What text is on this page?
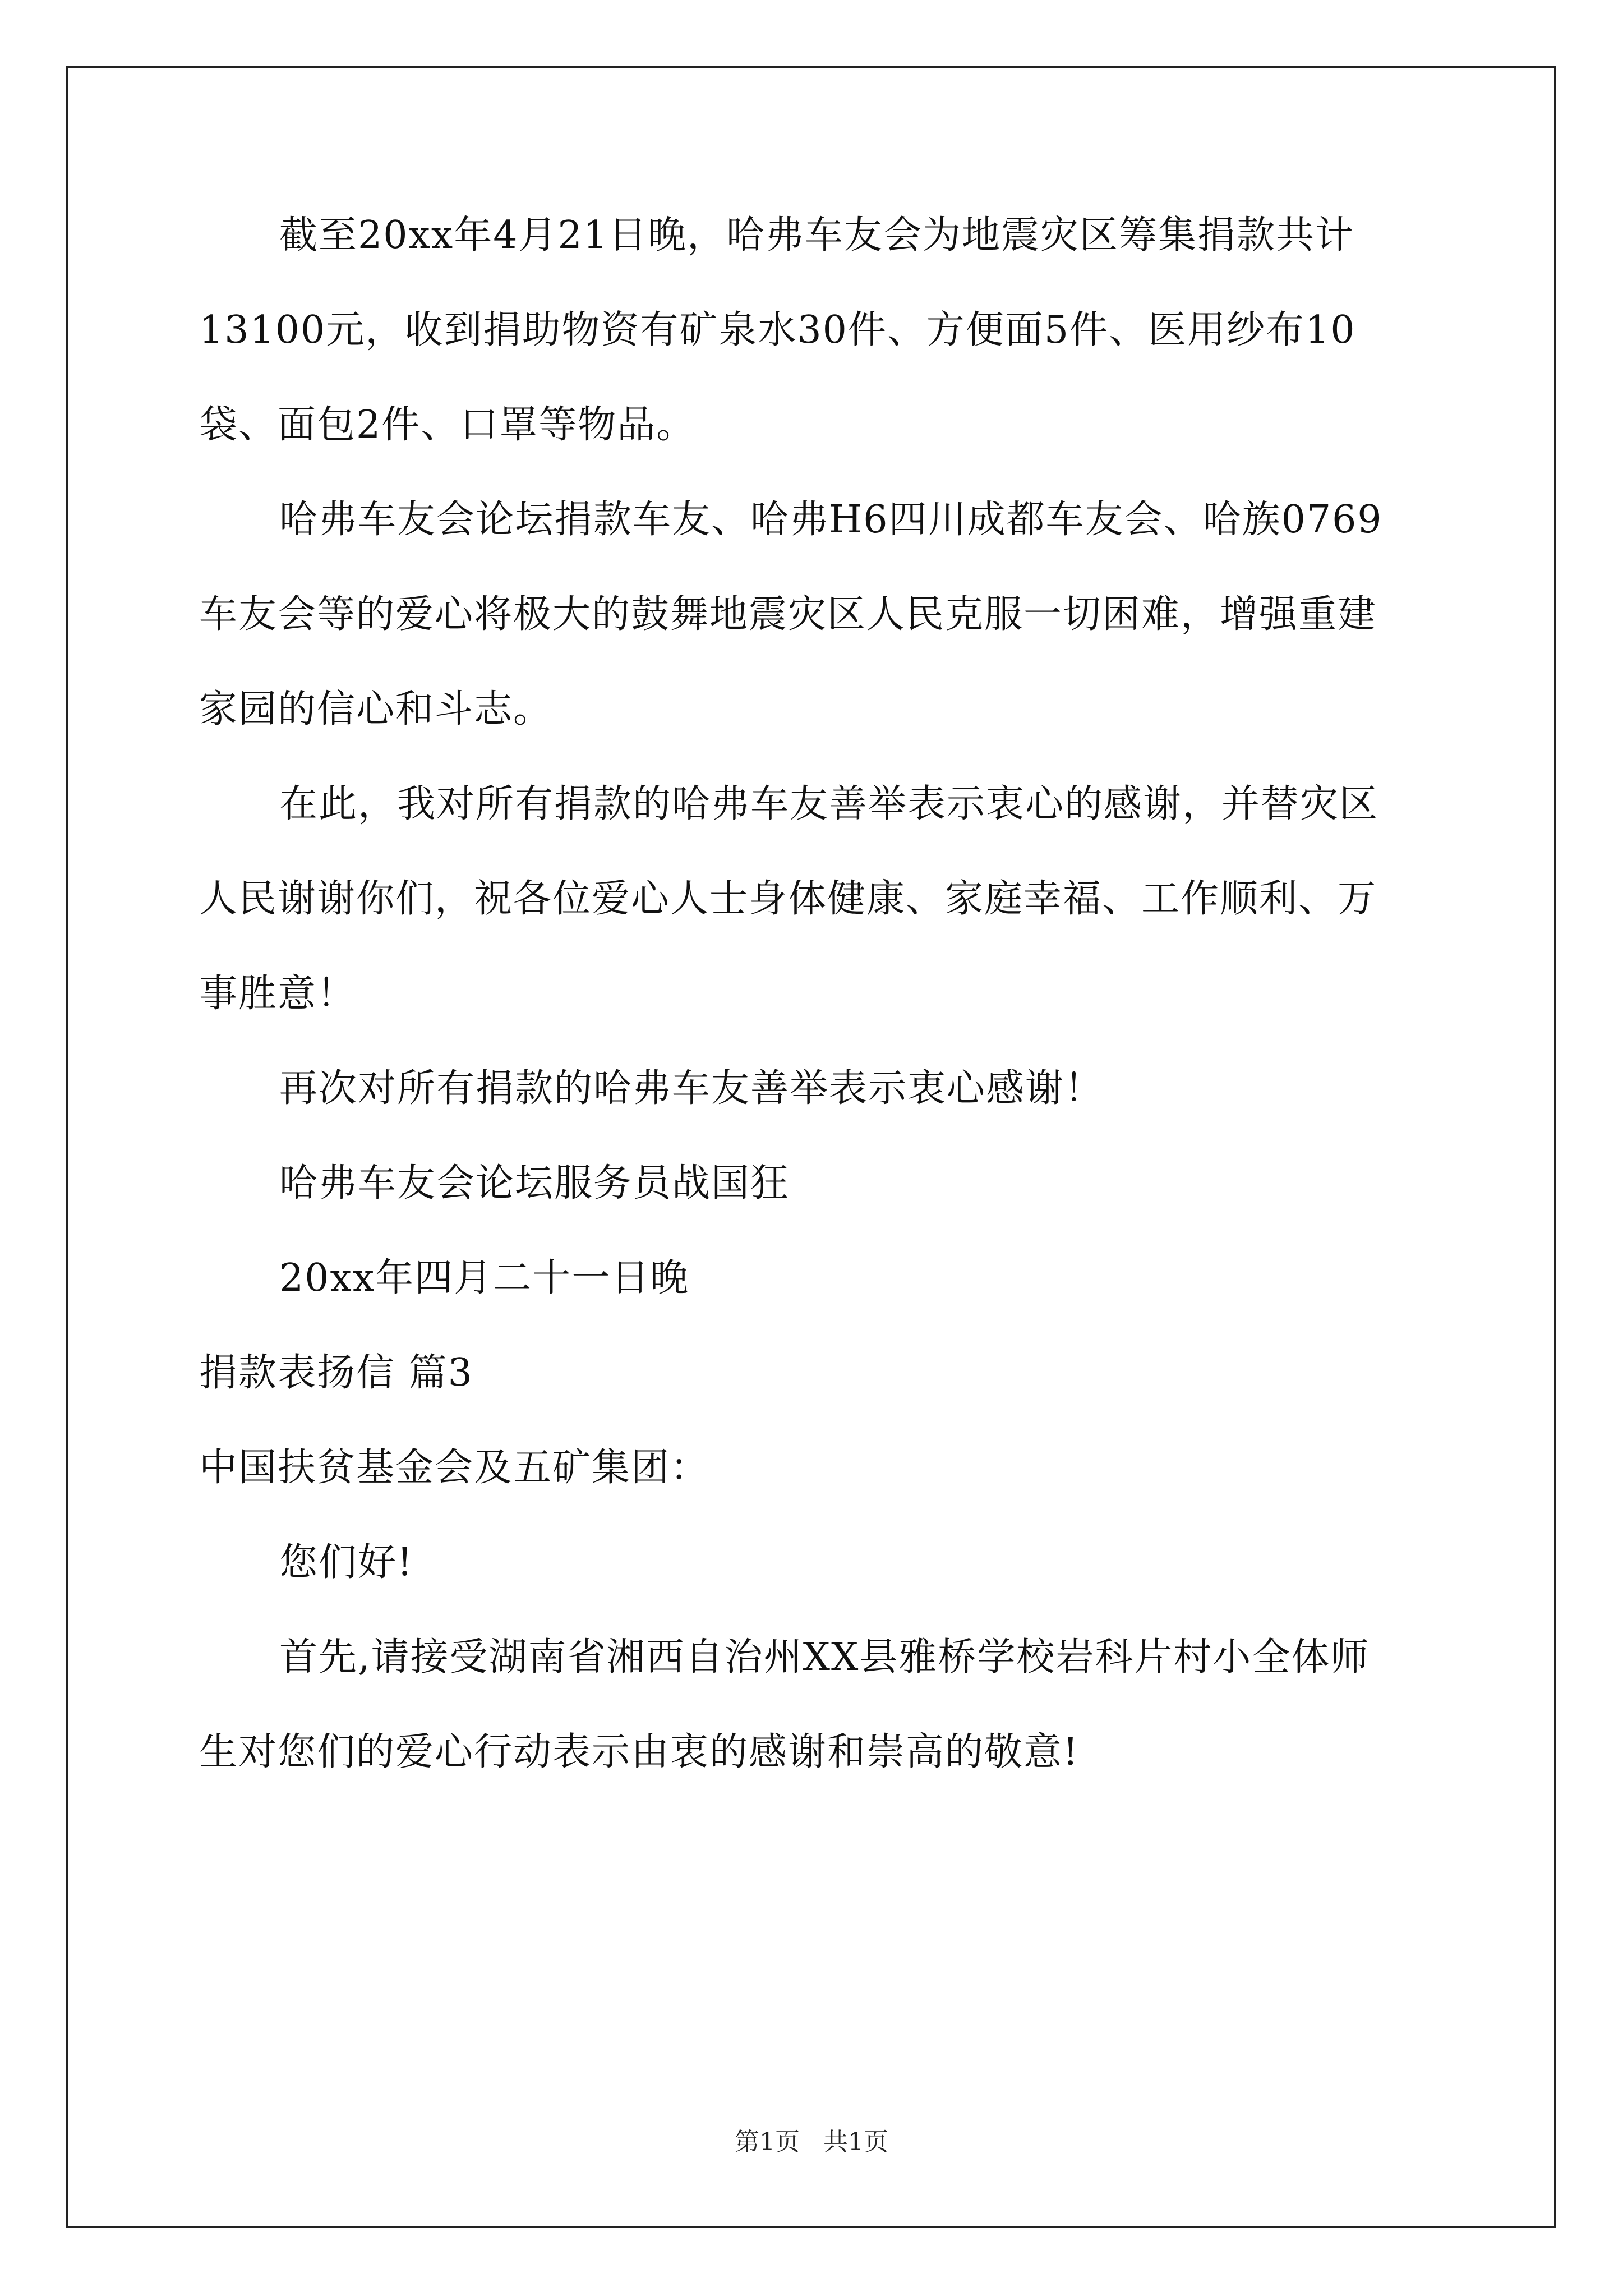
截至20xx年4月21日晚，哈弗车友会为地震灾区筹集捐款共计
13100元，收到捐助物资有矿泉水30件、方便面5件、医用纱布10
袋、面包2件、口罩等物品。
哈弗车友会论坛捐款车友、哈弗H6四川成都车友会、哈族0769
车友会等的爱心将极大的鼓舞地震灾区人民克服一切困难，增强重建
家园的信心和斗志。
在此，我对所有捐款的哈弗车友善举表示衷心的感谢，并替灾区
人民谢谢你们，祝各位爱心人士身体健康、家庭幸福、工作顺利、万
事胜意！
再次对所有捐款的哈弗车友善举表示衷心感谢！
哈弗车友会论坛服务员战国狂
20xx年四月二十一日晚
捐款表扬信 篇3
中国扶贫基金会及五矿集团：
您们好!
首先,请接受湖南省湘西自治州XX县雅桥学校岩科片村小全体师
生对您们的爱心行动表示由衷的感谢和崇高的敬意!
第1页 共1页
